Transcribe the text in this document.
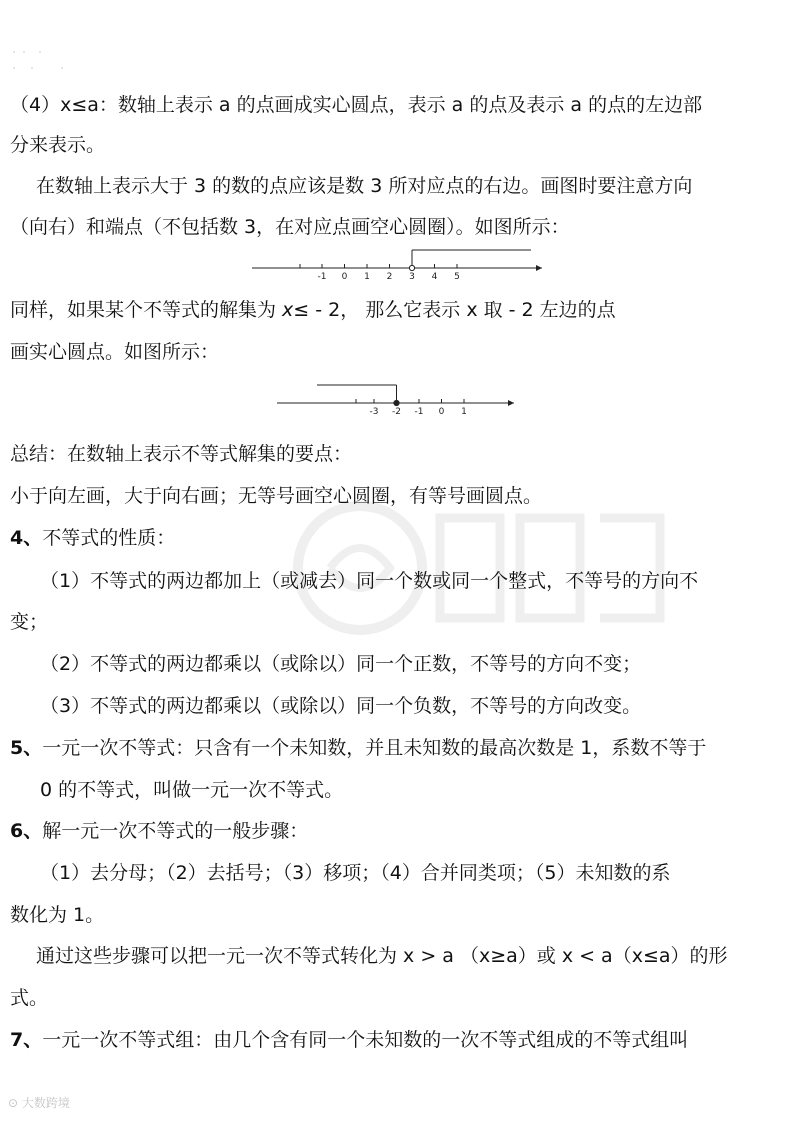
（4）x≤a：数轴上表示 a 的点画成实心圆点，表示 a 的点及表示 a 的点的左边部
分来表示。
在数轴上表示大于 3 的数的点应该是数 3 所对应点的右边。画图时要注意方向
（向右）和端点（不包括数 3，在对应点画空心圆圈）。如图所示：
-1 0 1 2 3 4 5
-3 -2 -1 0 1
同样，如果某个不等式的解集为 x≤ - 2， 那么它表示 x 取 - 2 左边的点
画实心圆点。如图所示：
总结：在数轴上表示不等式解集的要点：
小于向左画，大于向右画；无等号画空心圆圈，有等号画圆点。
4、不等式的性质：
（1）不等式的两边都加上（或减去）同一个数或同一个整式，不等号的方向不
变；
（2）不等式的两边都乘以（或除以）同一个正数，不等号的方向不变；
（3）不等式的两边都乘以（或除以）同一个负数，不等号的方向改变。
5、一元一次不等式：只含有一个未知数，并且未知数的最高次数是 1，系数不等于
0 的不等式，叫做一元一次不等式。
6、解一元一次不等式的一般步骤：
（1）去分母；（2）去括号；（3）移项；（4）合并同类项；（5）未知数的系
数化为 1。
通过这些步骤可以把一元一次不等式转化为 x > a （x≥a）或 x < a（x≤a）的形
式。
7、一元一次不等式组：由几个含有同一个未知数的一次不等式组成的不等式组叫
⊙ 大数跨境
